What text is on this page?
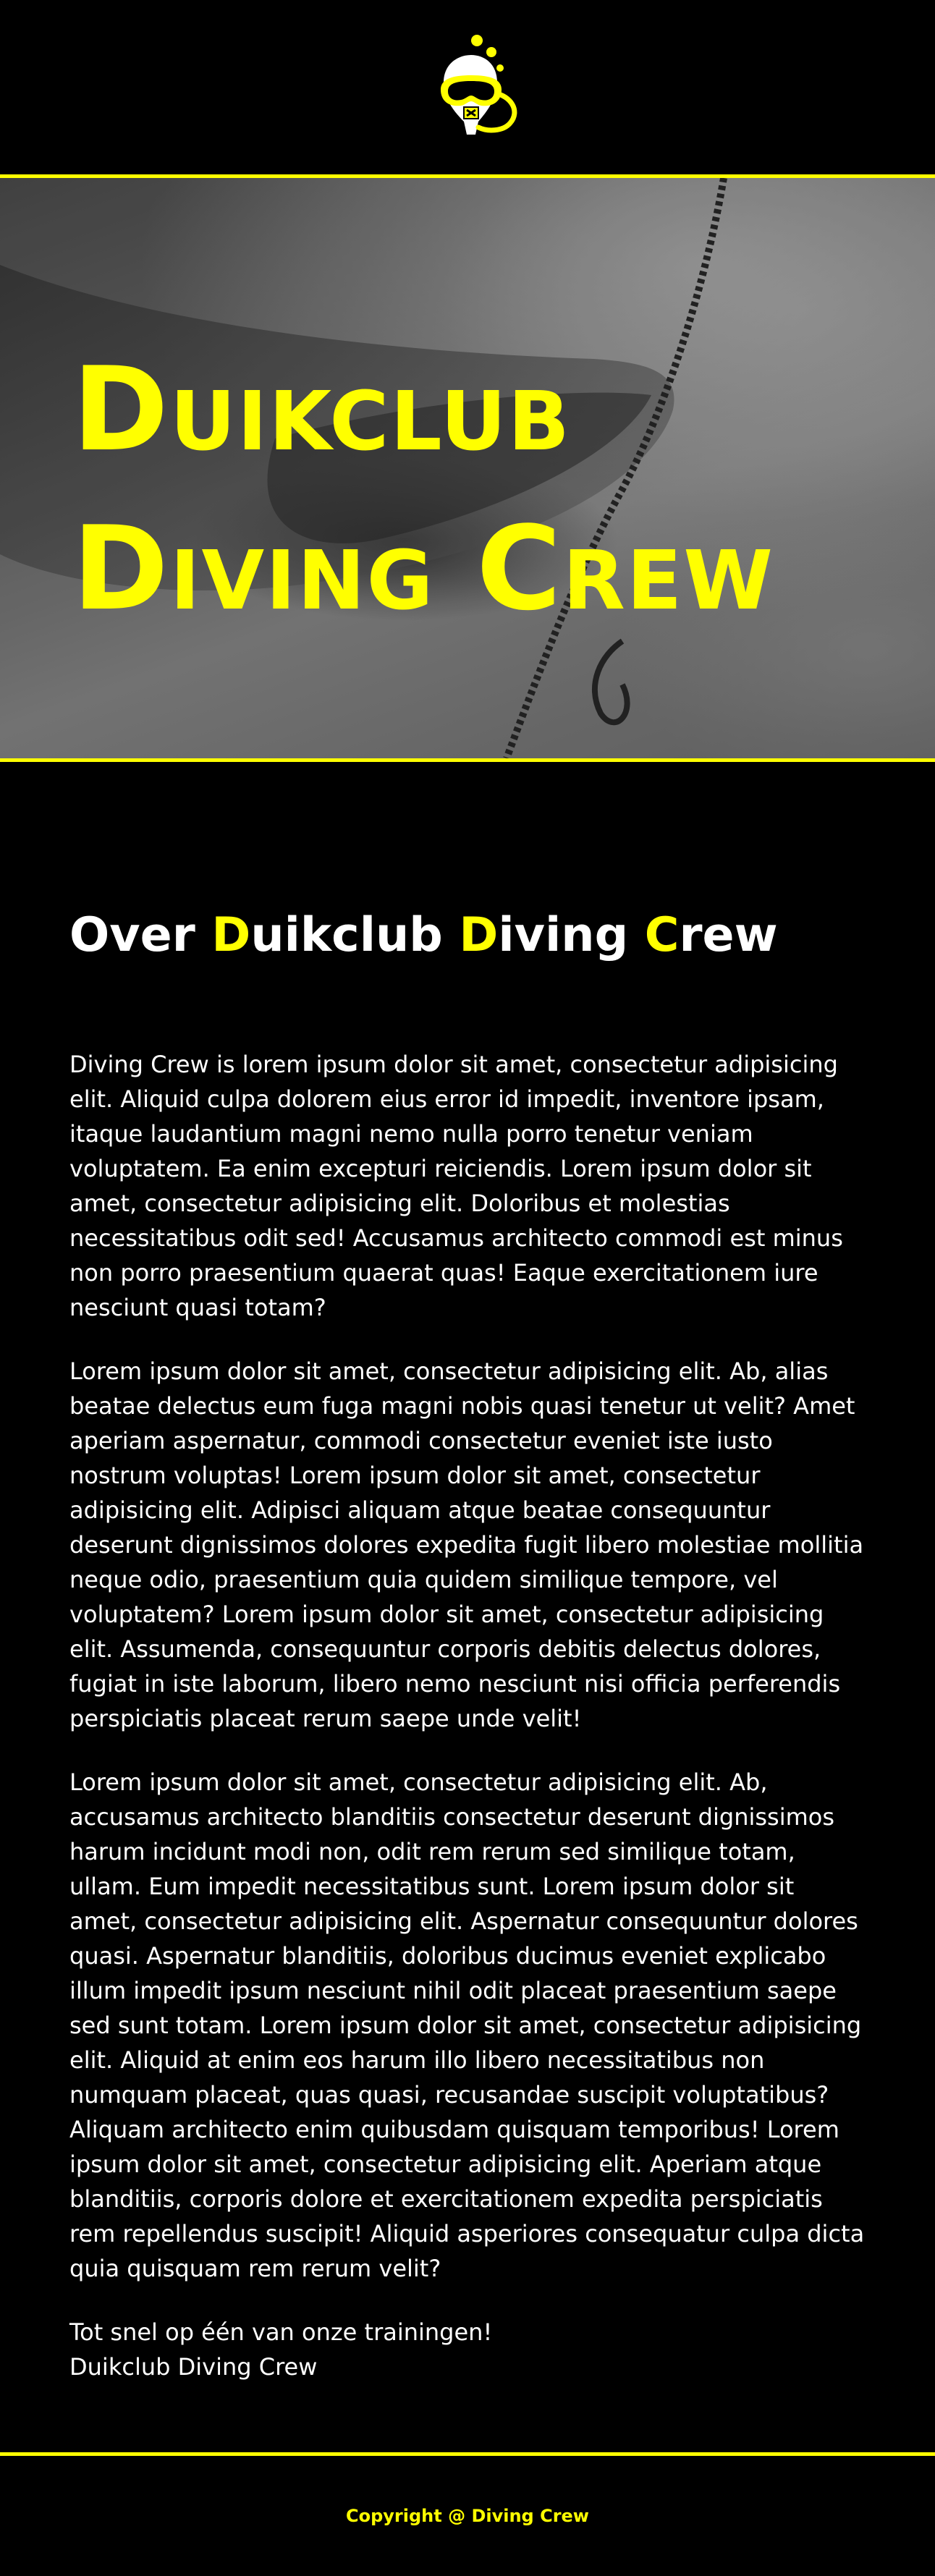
Duikclub
Diving Crew
Over Duikclub Diving Crew

Diving Crew is lorem ipsum dolor sit amet, consectetur adipisicing elit. Aliquid culpa dolorem eius error id impedit, inventore ipsam, itaque laudantium magni nemo nulla porro tenetur veniam voluptatem. Ea enim excepturi reiciendis. Lorem ipsum dolor sit amet, consectetur adipisicing elit. Doloribus et molestias necessitatibus odit sed! Accusamus architecto commodi est minus non porro praesentium quaerat quas! Eaque exercitationem iure nesciunt quasi totam?

Lorem ipsum dolor sit amet, consectetur adipisicing elit. Ab, alias beatae delectus eum fuga magni nobis quasi tenetur ut velit? Amet aperiam aspernatur, commodi consectetur eveniet iste iusto nostrum voluptas! Lorem ipsum dolor sit amet, consectetur adipisicing elit. Adipisci aliquam atque beatae consequuntur deserunt dignissimos dolores expedita fugit libero molestiae mollitia neque odio, praesentium quia quidem similique tempore, vel voluptatem? Lorem ipsum dolor sit amet, consectetur adipisicing elit. Assumenda, consequuntur corporis debitis delectus dolores, fugiat in iste laborum, libero nemo nesciunt nisi officia perferendis perspiciatis placeat rerum saepe unde velit!

Lorem ipsum dolor sit amet, consectetur adipisicing elit. Ab, accusamus architecto blanditiis consectetur deserunt dignissimos harum incidunt modi non, odit rem rerum sed similique totam, ullam. Eum impedit necessitatibus sunt. Lorem ipsum dolor sit amet, consectetur adipisicing elit. Aspernatur consequuntur dolores quasi. Aspernatur blanditiis, doloribus ducimus eveniet explicabo illum impedit ipsum nesciunt nihil odit placeat praesentium saepe sed sunt totam. Lorem ipsum dolor sit amet, consectetur adipisicing elit. Aliquid at enim eos harum illo libero necessitatibus non numquam placeat, quas quasi, recusandae suscipit voluptatibus? Aliquam architecto enim quibusdam quisquam temporibus! Lorem ipsum dolor sit amet, consectetur adipisicing elit. Aperiam atque blanditiis, corporis dolore et exercitationem expedita perspiciatis rem repellendus suscipit! Aliquid asperiores consequatur culpa dicta quia quisquam rem rerum velit?

Tot snel op één van onze trainingen!
Duikclub Diving Crew

Copyright @ Diving Crew
